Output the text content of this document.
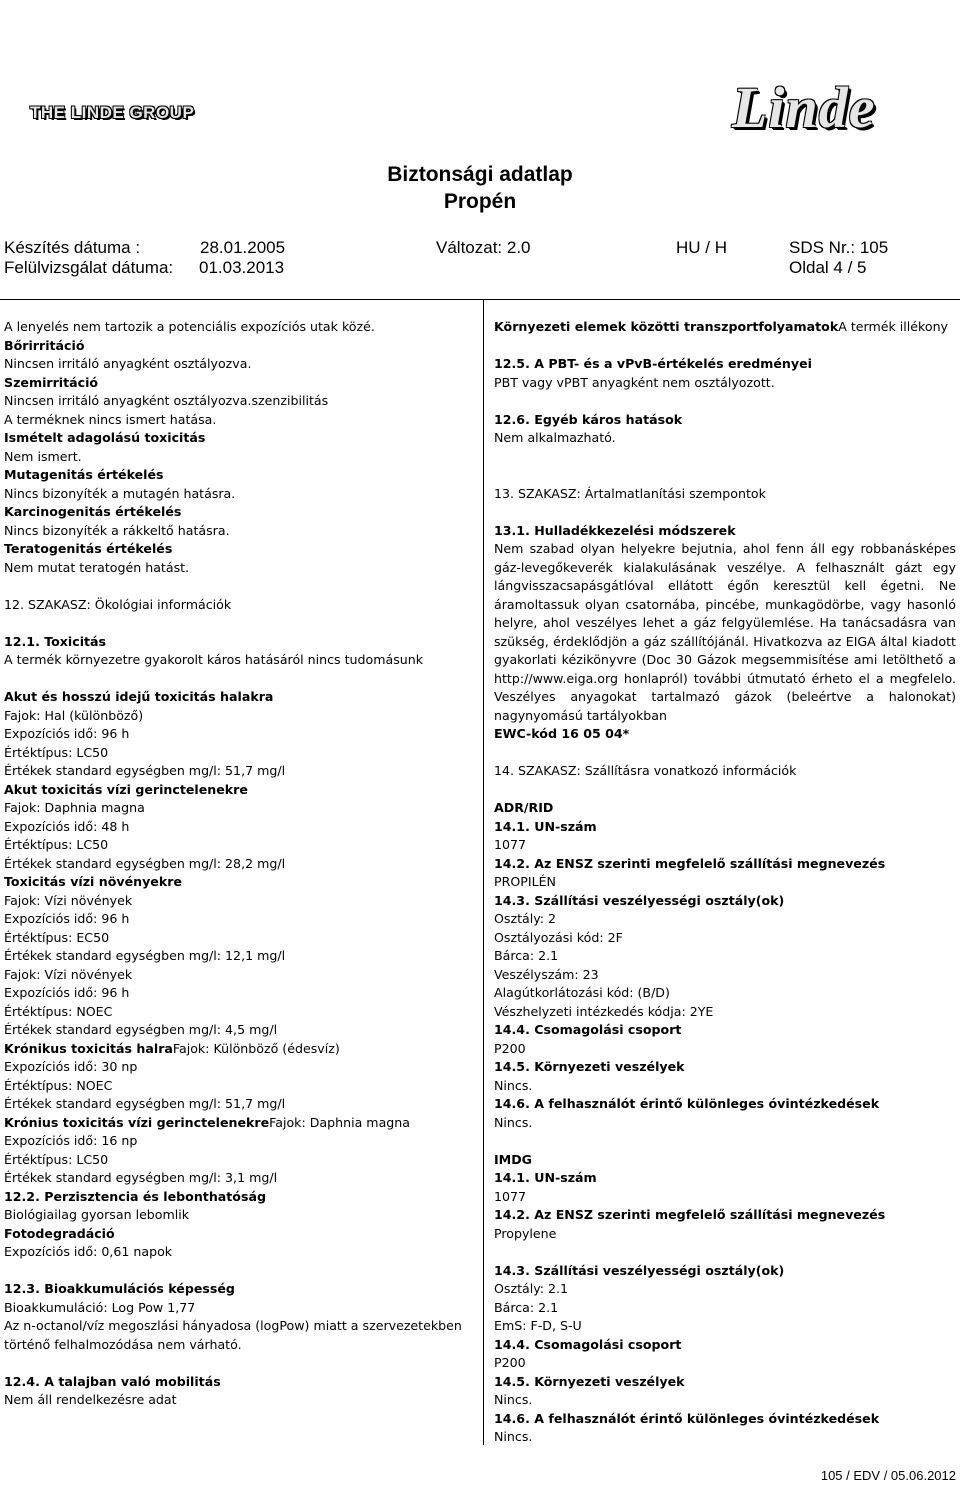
THE LINDE GROUP	Linde
Biztonsági adatlap
Propén
Készítés dátuma :	28.01.2005	Változat: 2.0	HU / H	SDS Nr.: 105
Felülvizsgálat dátuma: 01.03.2013	Oldal 4 / 5
A lenyelés nem tartozik a potenciális expozíciós utak közé.
Bőrirritáció
Nincsen irritáló anyagként osztályozva.
Szemirritáció
Nincsen irritáló anyagként osztályozva.szenzibilitás
A terméknek nincs ismert hatása.
Ismételt adagolású toxicitás
Nem ismert.
Mutagenitás értékelés
Nincs bizonyíték a mutagén hatásra.
Karcinogenitás értékelés
Nincs bizonyíték a rákkeltő hatásra.
Teratogenitás értékelés
Nem mutat teratogén hatást.
12. SZAKASZ: Ökológiai információk
12.1. Toxicitás
A termék környezetre gyakorolt káros hatásáról nincs tudomásunk
Akut és hosszú idejű toxicitás halakra
Fajok: Hal (különböző)
Expozíciós idő: 96 h
Értéktípus: LC50
Értékek standard egységben mg/l: 51,7 mg/l
Akut toxicitás vízi gerinctelenekre
Fajok: Daphnia magna
Expozíciós idő: 48 h
Értéktípus: LC50
Értékek standard egységben mg/l: 28,2 mg/l
Toxicitás vízi növényekre
Fajok: Vízi növények
Expozíciós idő: 96 h
Értéktípus: EC50
Értékek standard egységben mg/l: 12,1 mg/l
Fajok: Vízi növények
Expozíciós idő: 96 h
Értéktípus: NOEC
Értékek standard egységben mg/l: 4,5 mg/l
Krónikus toxicitás halraFajok: Különböző (édesvíz)
Expozíciós idő: 30 np
Értéktípus: NOEC
Értékek standard egységben mg/l: 51,7 mg/l
Krónius toxicitás vízi gerinctelenekreFajok: Daphnia magna
Expozíciós idő: 16 np
Értéktípus: LC50
Értékek standard egységben mg/l: 3,1 mg/l
12.2. Perzisztencia és lebonthatóság
Biológiailag gyorsan lebomlik
Fotodegradáció
Expozíciós idő: 0,61 napok
12.3. Bioakkumulációs képesség
Bioakkumuláció: Log Pow 1,77
Az n-octanol/víz megoszlási hányadosa (logPow) miatt a szervezetekben
történő felhalmozódása nem várható.
12.4. A talajban való mobilitás
Nem áll rendelkezésre adat
Környezeti elemek közötti transzportfolyamatokA termék illékony
12.5. A PBT- és a vPvB-értékelés eredményei
PBT vagy vPBT anyagként nem osztályozott.
12.6. Egyéb káros hatások
Nem alkalmazható.
13. SZAKASZ: Ártalmatlanítási szempontok
13.1. Hulladékkezelési módszerek
Nem szabad olyan helyekre bejutnia, ahol fenn áll egy robbanásképes gáz-levegőkeverék kialakulásának veszélye. A felhasznált gázt egy lángvisszacsapásgátlóval ellátott égőn keresztül kell égetni. Ne áramoltassuk olyan csatornába, pincébe, munkagödörbe, vagy hasonló helyre, ahol veszélyes lehet a gáz felgyülemlése. Ha tanácsadásra van szükség, érdeklődjön a gáz szállítójánál. Hivatkozva az EIGA által kiadott gyakorlati kézikönyvre (Doc 30 Gázok megsemmisítése ami letölthető a http://www.eiga.org honlapról) további útmutató érheto el a megfelelo. Veszélyes anyagokat tartalmazó gázok (beleértve a halonokat) nagynyomású tartályokban
EWC-kód 16 05 04*
14. SZAKASZ: Szállításra vonatkozó információk
ADR/RID
14.1. UN-szám
1077
14.2. Az ENSZ szerinti megfelelő szállítási megnevezés
PROPILÉN
14.3. Szállítási veszélyességi osztály(ok)
Osztály: 2
Osztályozási kód: 2F
Bárca: 2.1
Veszélyszám: 23
Alagútkorlátozási kód: (B/D)
Vészhelyzeti intézkedés kódja: 2YE
14.4. Csomagolási csoport
P200
14.5. Környezeti veszélyek
Nincs.
14.6. A felhasználót érintő különleges óvintézkedések
Nincs.
IMDG
14.1. UN-szám
1077
14.2. Az ENSZ szerinti megfelelő szállítási megnevezés
Propylene
14.3. Szállítási veszélyességi osztály(ok)
Osztály: 2.1
Bárca: 2.1
EmS: F-D, S-U
14.4. Csomagolási csoport
P200
14.5. Környezeti veszélyek
Nincs.
14.6. A felhasználót érintő különleges óvintézkedések
Nincs.
105 / EDV / 05.06.2012
